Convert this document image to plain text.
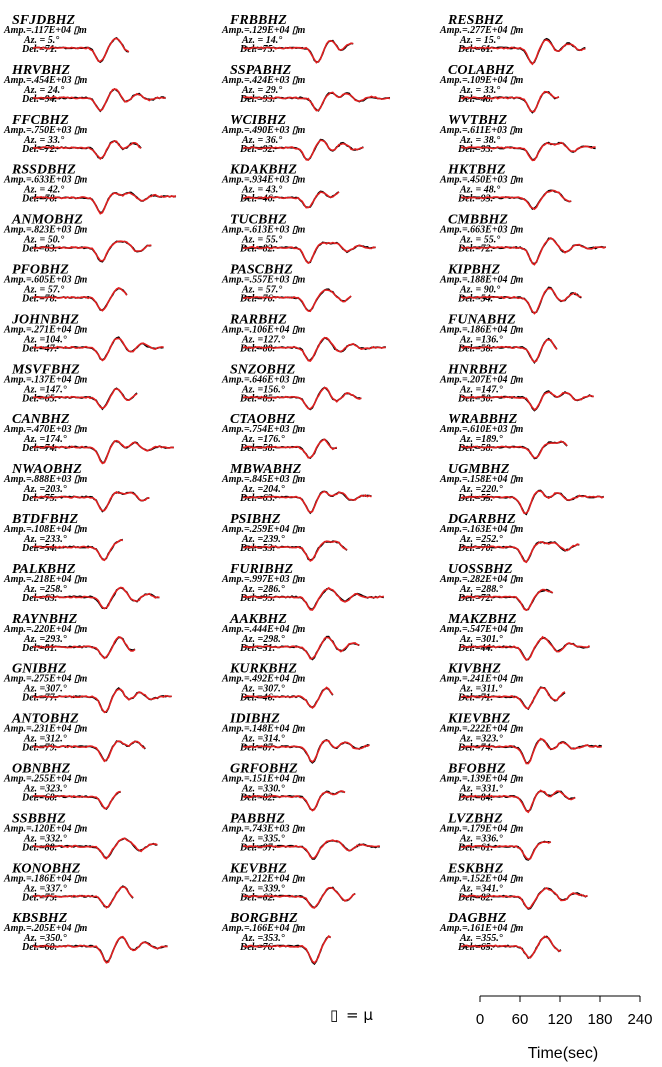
SFJDBHZ
Amp.=.117E+04 ▯m
Az. = 5.°
Del.=71.
HRVBHZ
Amp.=.454E+03 ▯m
Az. = 24.°
Del.=94.
FFCBHZ
Amp.=.750E+03 ▯m
Az. = 33.°
Del.=72.
RSSDBHZ
Amp.=.633E+03 ▯m
Az. = 42.°
Del.=78.
ANMOBHZ
Amp.=.823E+03 ▯m
Az. = 50.°
Del.=83.
PFOBHZ
Amp.=.605E+03 ▯m
Az. = 57.°
Del.=78.
JOHNBHZ
Amp.=.271E+04 ▯m
Az. =104.°
Del.=47.
MSVFBHZ
Amp.=.137E+04 ▯m
Az. =147.°
Del.=65.
CANBHZ
Amp.=.470E+03 ▯m
Az. =174.°
Del.=74.
NWAOBHZ
Amp.=.888E+03 ▯m
Az. =203.°
Del.=75.
BTDFBHZ
Amp.=.108E+04 ▯m
Az. =233.°
Del.=54.
PALKBHZ
Amp.=.218E+04 ▯m
Az. =258.°
Del.=63.
RAYNBHZ
Amp.=.220E+04 ▯m
Az. =293.°
Del.=81.
GNIBHZ
Amp.=.275E+04 ▯m
Az. =307.°
Del.=77.
ANTOBHZ
Amp.=.231E+04 ▯m
Az. =312.°
Del.=79.
OBNBHZ
Amp.=.255E+04 ▯m
Az. =323.°
Del.=68.
SSBBHZ
Amp.=.120E+04 ▯m
Az. =332.°
Del.=88.
KONOBHZ
Amp.=.186E+04 ▯m
Az. =337.°
Del.=75.
KBSBHZ
Amp.=.205E+04 ▯m
Az. =350.°
Del.=60.
FRBBHZ
Amp.=.129E+04 ▯m
Az. = 14.°
Del.=75.
SSPABHZ
Amp.=.424E+03 ▯m
Az. = 29.°
Del.=93.
WCIBHZ
Amp.=.490E+03 ▯m
Az. = 36.°
Del.=92.
KDAKBHZ
Amp.=.934E+03 ▯m
Az. = 43.°
Del.=46.
TUCBHZ
Amp.=.613E+03 ▯m
Az. = 55.°
Del.=82.
PASCBHZ
Amp.=.557E+03 ▯m
Az. = 57.°
Del.=76.
RARBHZ
Amp.=.106E+04 ▯m
Az. =127.°
Del.=80.
SNZOBHZ
Amp.=.646E+03 ▯m
Az. =156.°
Del.=85.
CTAOBHZ
Amp.=.754E+03 ▯m
Az. =176.°
Del.=58.
MBWABHZ
Amp.=.845E+03 ▯m
Az. =204.°
Del.=63.
PSIBHZ
Amp.=.259E+04 ▯m
Az. =239.°
Del.=53.
FURIBHZ
Amp.=.997E+03 ▯m
Az. =286.°
Del.=95.
AAKBHZ
Amp.=.444E+04 ▯m
Az. =298.°
Del.=51.
KURKBHZ
Amp.=.492E+04 ▯m
Az. =307.°
Del.=46.
IDIBHZ
Amp.=.148E+04 ▯m
Az. =314.°
Del.=87.
GRFOBHZ
Amp.=.151E+04 ▯m
Az. =330.°
Del.=82.
PABBHZ
Amp.=.743E+03 ▯m
Az. =335.°
Del.=97.
KEVBHZ
Amp.=.212E+04 ▯m
Az. =339.°
Del.=62.
BORGBHZ
Amp.=.166E+04 ▯m
Az. =353.°
Del.=76.
RESBHZ
Amp.=.277E+04 ▯m
Az. = 15.°
Del.=61.
COLABHZ
Amp.=.109E+04 ▯m
Az. = 33.°
Del.=48.
WVTBHZ
Amp.=.611E+03 ▯m
Az. = 38.°
Del.=93.
HKTBHZ
Amp.=.450E+03 ▯m
Az. = 48.°
Del.=93.
CMBBHZ
Amp.=.663E+03 ▯m
Az. = 55.°
Del.=72.
KIPBHZ
Amp.=.188E+04 ▯m
Az. = 90.°
Del.=54.
FUNABHZ
Amp.=.186E+04 ▯m
Az. =136.°
Del.=58.
HNRBHZ
Amp.=.207E+04 ▯m
Az. =147.°
Del.=50.
WRABBHZ
Amp.=.610E+03 ▯m
Az. =189.°
Del.=58.
UGMBHZ
Amp.=.158E+04 ▯m
Az. =220.°
Del.=55.
DGARBHZ
Amp.=.163E+04 ▯m
Az. =252.°
Del.=70.
UOSSBHZ
Amp.=.282E+04 ▯m
Az. =288.°
Del.=72.
MAKZBHZ
Amp.=.547E+04 ▯m
Az. =301.°
Del.=44.
KIVBHZ
Amp.=.241E+04 ▯m
Az. =311.°
Del.=71.
KIEVBHZ
Amp.=.222E+04 ▯m
Az. =323.°
Del.=74.
BFOBHZ
Amp.=.139E+04 ▯m
Az. =331.°
Del.=84.
LVZBHZ
Amp.=.179E+04 ▯m
Az. =336.°
Del.=61.
ESKBHZ
Amp.=.152E+04 ▯m
Az. =341.°
Del.=82.
DAGBHZ
Amp.=.161E+04 ▯m
Az. =355.°
Del.=65.
▯ = μ	0 60 120 180 240
Time(sec)
